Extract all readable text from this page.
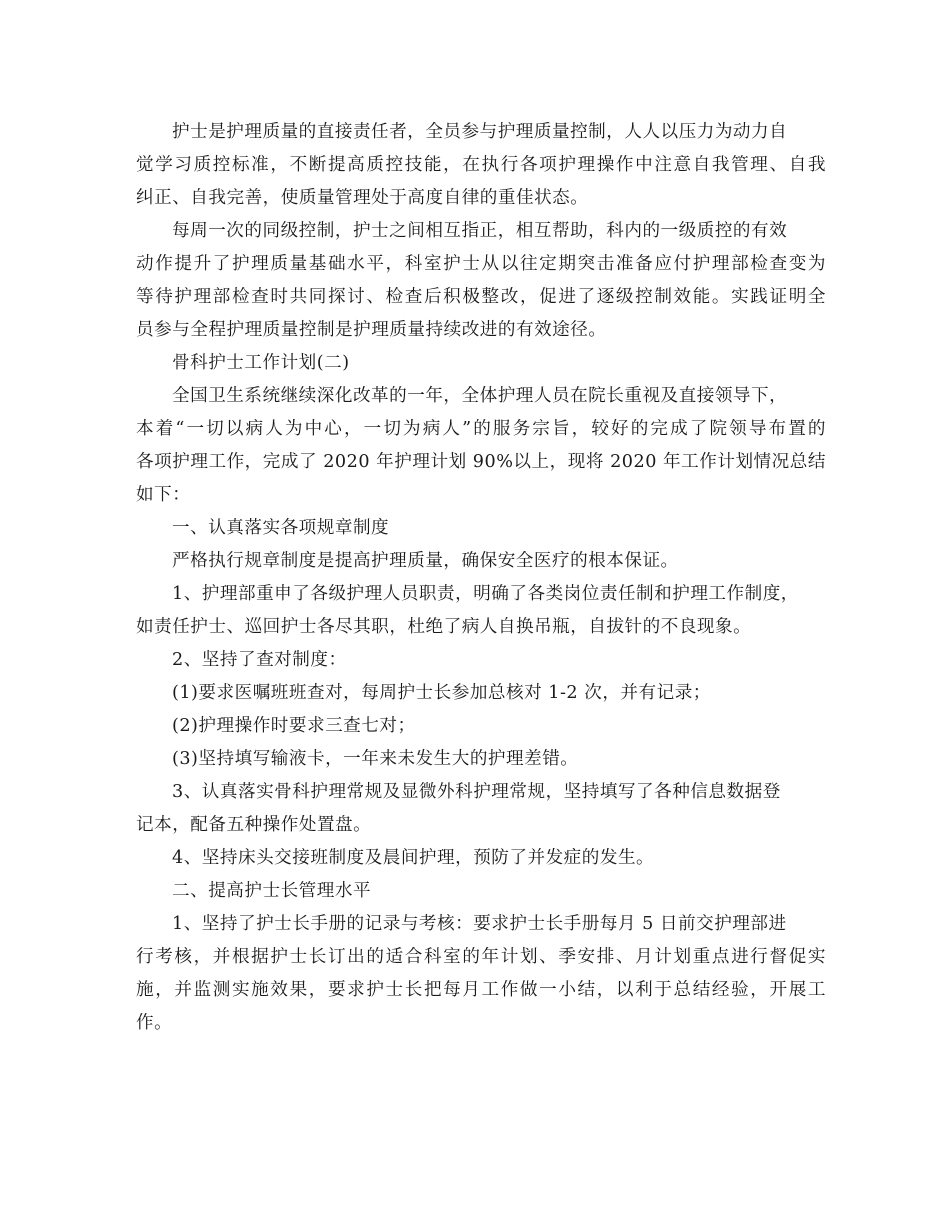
护士是护理质量的直接责任者，全员参与护理质量控制，人人以压力为动力自
觉学习质控标准，不断提高质控技能，在执行各项护理操作中注意自我管理、自我
纠正、自我完善，使质量管理处于高度自律的重佳状态。
每周一次的同级控制，护士之间相互指正，相互帮助，科内的一级质控的有效
动作提升了护理质量基础水平，科室护士从以往定期突击准备应付护理部检查变为
等待护理部检查时共同探讨、检查后积极整改，促进了逐级控制效能。实践证明全
员参与全程护理质量控制是护理质量持续改进的有效途径。
骨科护士工作计划(二)
全国卫生系统继续深化改革的一年，全体护理人员在院长重视及直接领导下，
本着“一切以病人为中心，一切为病人”的服务宗旨，较好的完成了院领导布置的
各项护理工作，完成了 2020 年护理计划 90%以上，现将 2020 年工作计划情况总结
如下：
一、认真落实各项规章制度
严格执行规章制度是提高护理质量，确保安全医疗的根本保证。
1、护理部重申了各级护理人员职责，明确了各类岗位责任制和护理工作制度，
如责任护士、巡回护士各尽其职，杜绝了病人自换吊瓶，自拔针的不良现象。
2、坚持了查对制度：
(1)要求医嘱班班查对，每周护士长参加总核对 1-2 次，并有记录；
(2)护理操作时要求三查七对；
(3)坚持填写输液卡，一年来未发生大的护理差错。
3、认真落实骨科护理常规及显微外科护理常规，坚持填写了各种信息数据登
记本，配备五种操作处置盘。
4、坚持床头交接班制度及晨间护理，预防了并发症的发生。
二、提高护士长管理水平
1、坚持了护士长手册的记录与考核：要求护士长手册每月 5 日前交护理部进
行考核，并根据护士长订出的适合科室的年计划、季安排、月计划重点进行督促实
施，并监测实施效果，要求护士长把每月工作做一小结，以利于总结经验，开展工
作。
